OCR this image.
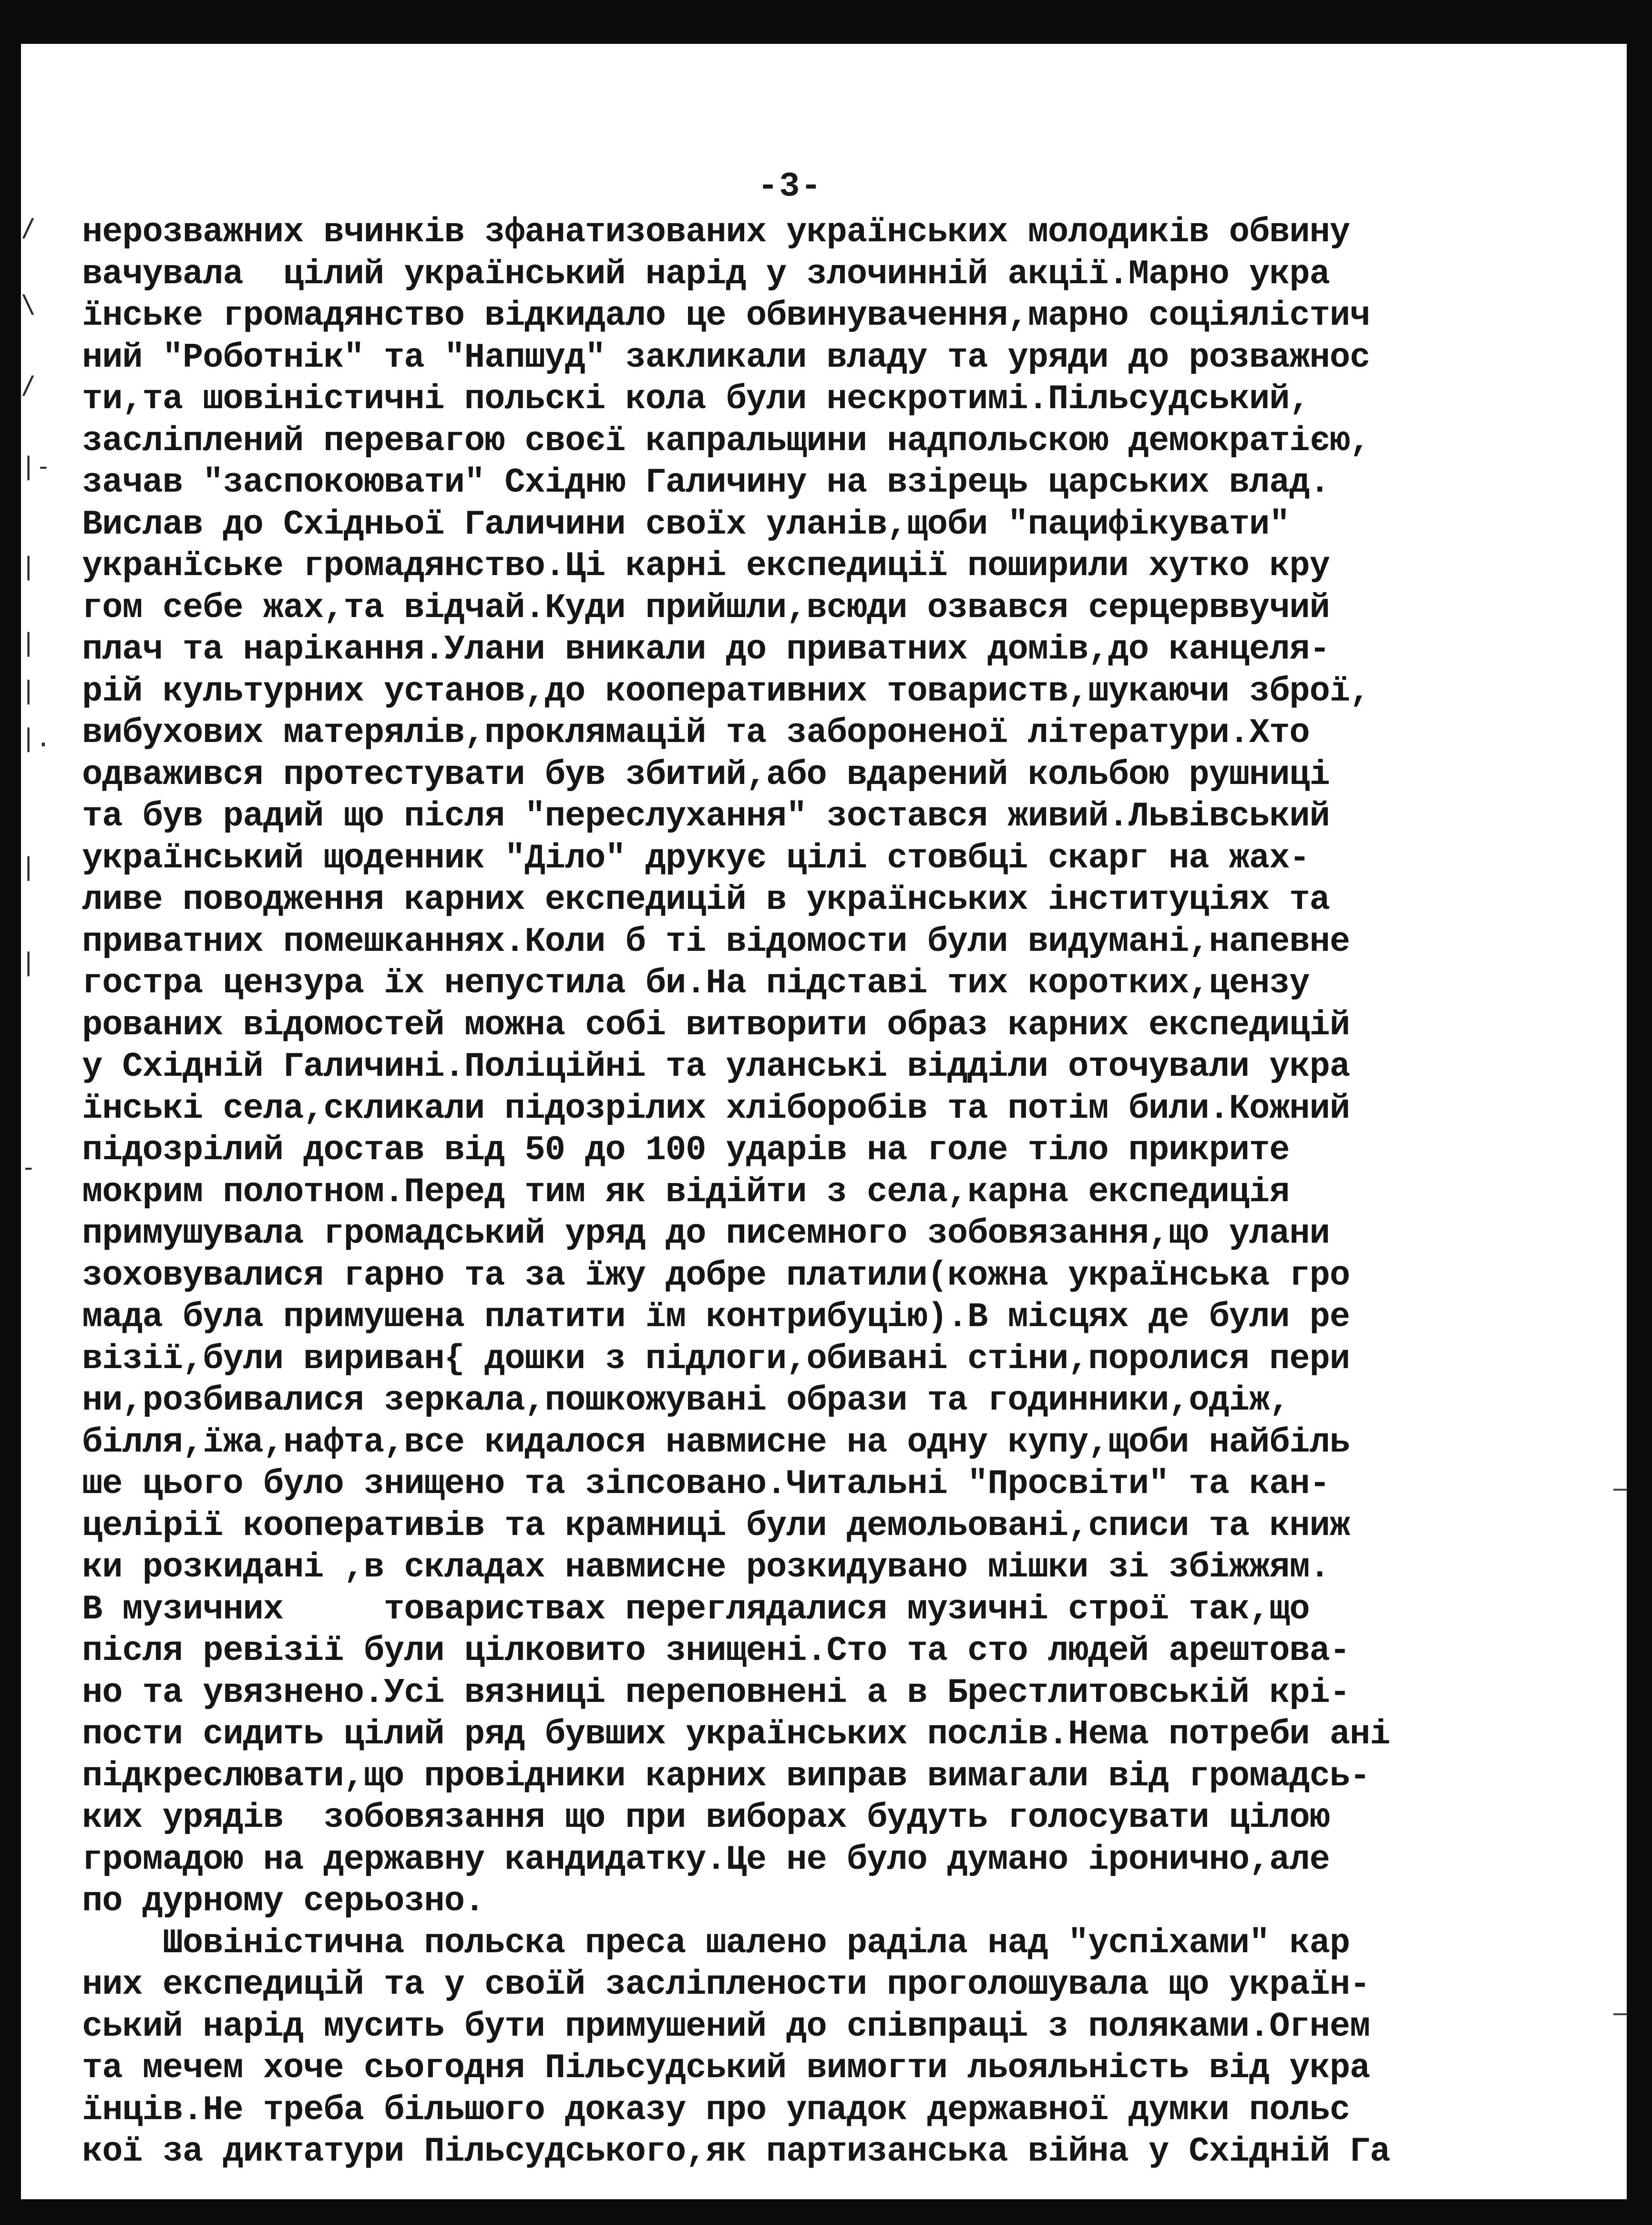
/
\
/
|-
|
|
|
|.
|
|
-
-3-
нерозважних вчинків зфанатизованих українських молодиків обвину
вачувала  цілий український нарід у злочинній акції.Марно укра
їнське громадянство відкидало це обвинувачення,марно соціялістич
ний "Роботнік" та "Напшуд" закликали владу та уряди до розважнос
ти,та шовіністичні польскі кола були нескротимі.Пільсудський,
засліплений перевагою своєї капральщини надпольскою демократією,
зачав "заспокоювати" Східню Галичину на взірець царських влад.
Вислав до Східньої Галичини своїх уланів,щоби "пацифікувати"
укранїське громадянство.Ці карні експедиції поширили хутко кру
гом себе жах,та відчай.Куди прийшли,всюди озвався серцерввучий
плач та нарікання.Улани вникали до приватних домів,до канцеля-
рій культурних установ,до кооперативних товариств,шукаючи зброї,
вибухових матерялів,проклямацій та забороненої літератури.Хто
одважився протестувати був збитий,або вдарений кольбою рушниці
та був радий що після "переслухання" зостався живий.Львівський
український щоденник "Діло" друкує цілі стовбці скарг на жах-
ливе поводження карних експедицій в українських інституціях та
приватних помешканнях.Коли б ті відомости були видумані,напевне
гостра цензура їх непустила би.На підставі тих коротких,цензу
рованих відомостей можна собі витворити образ карних експедицій
у Східній Галичині.Поліційні та уланські відділи оточували укра
їнські села,скликали підозрілих хліборобів та потім били.Кожний
підозрілий достав від 50 до 100 ударів на голе тіло прикрите
мокрим полотном.Перед тим як відійти з села,карна експедиція
примушувала громадський уряд до писемного зобовязання,що улани
зоховувалися гарно та за їжу добре платили(кожна українська гро
мада була примушена платити їм контрибуцію).В місцях де були ре
візії,були вириван{ дошки з підлоги,обивані стіни,поролися пери
ни,розбивалися зеркала,пошкожувані образи та годинники,одіж,
білля,їжа,нафта,все кидалося навмисне на одну купу,щоби найбіль
ше цього було знищено та зіпсовано.Читальні "Просвіти" та кан-
целірії кооперативів та крамниці були демольовані,списи та книж
ки розкидані ,в складах навмисне розкидувано мішки зі збіжжям.
В музичних     товариствах переглядалися музичні строї так,що
після ревізії були цілковито знищені.Сто та сто людей арештова-
но та увязнено.Усі вязниці переповнені а в Брестлитовській крі-
пости сидить цілий ряд бувших українських послів.Нема потреби ані
підкреслювати,що провідники карних виправ вимагали від громадсь-
ких урядів  зобовязання що при виборах будуть голосувати цілою
громадою на державну кандидатку.Це не було думано іронично,але
по дурному серьозно.
Шовіністична польска преса шалено раділа над "успіхами" кар
них експедицій та у своїй засліплености проголошувала що україн-
ський нарід мусить бути примушений до співпраці з поляками.Огнем
та мечем хоче сьогодня Пільсудський вимогти льояльність від укра
їнців.Не треба більшого доказу про упадок державної думки польс
кої за диктатури Пільсудського,як партизанська війна у Східній Га
